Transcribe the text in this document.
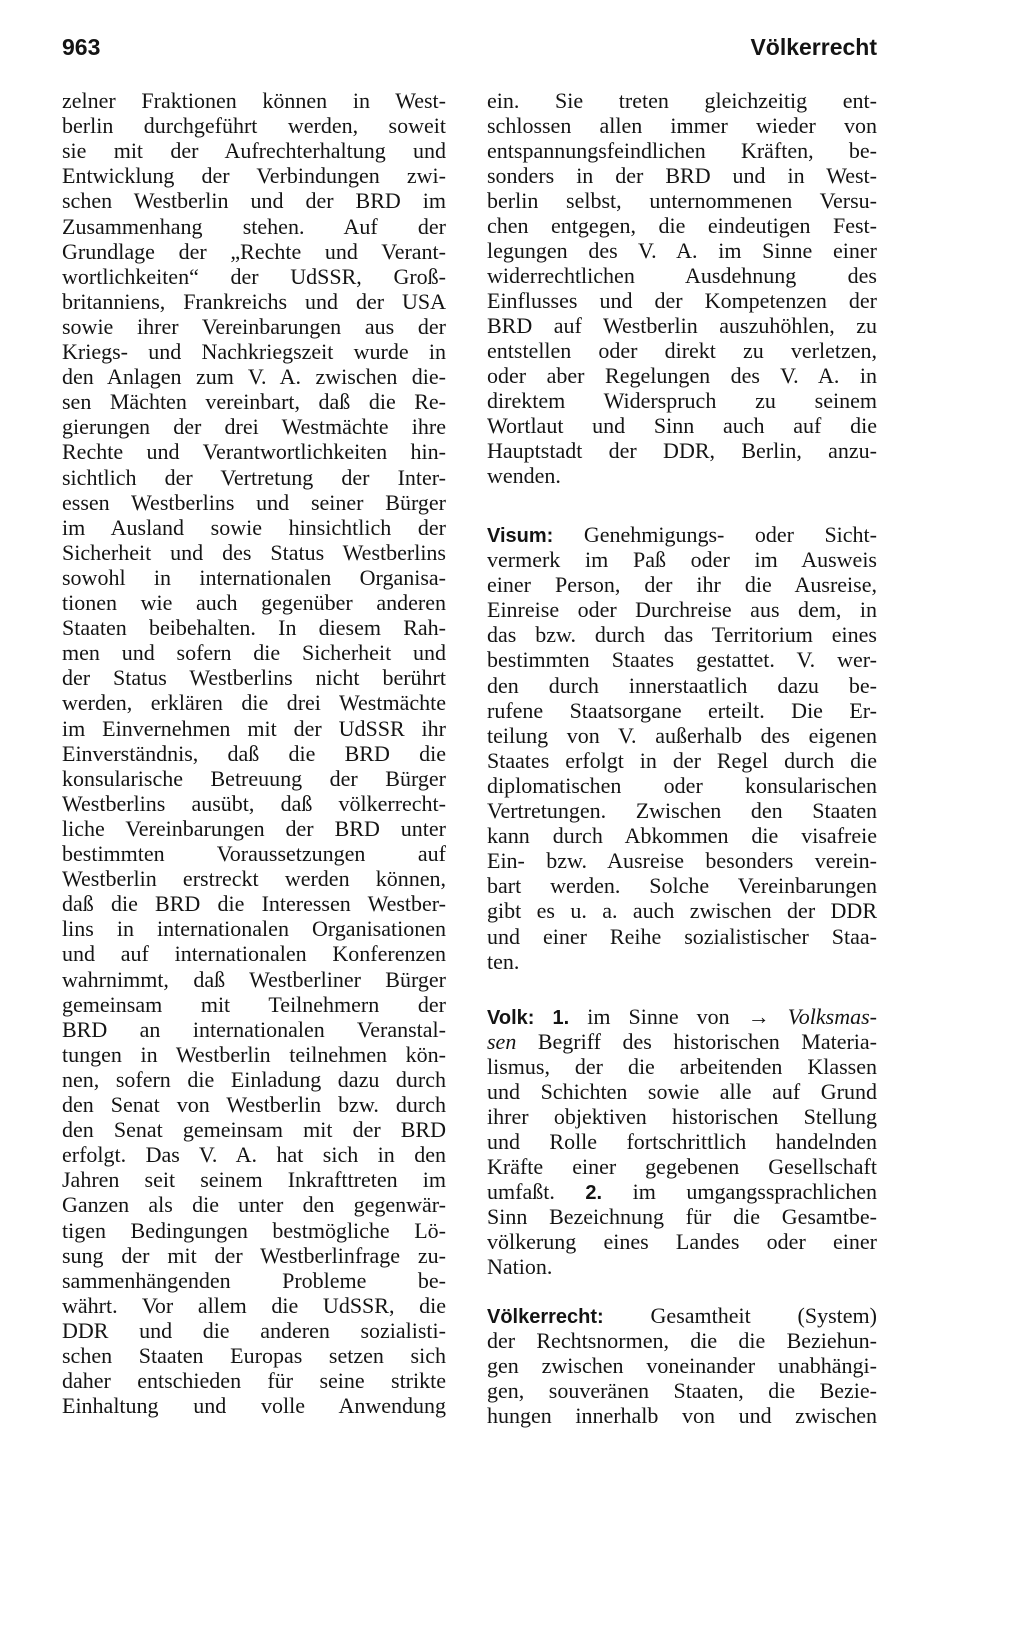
963	Völkerrecht
zelner Fraktionen können in West-
berlin durchgeführt werden, soweit
sie mit der Aufrechterhaltung und
Entwicklung der Verbindungen zwi-
schen Westberlin und der BRD im
Zusammenhang stehen. Auf der
Grundlage der „Rechte und Verant-
wortlichkeiten“ der UdSSR, Groß-
britanniens, Frankreichs und der USA
sowie ihrer Vereinbarungen aus der
Kriegs- und Nachkriegszeit wurde in
den Anlagen zum V. A. zwischen die-
sen Mächten vereinbart, daß die Re-
gierungen der drei Westmächte ihre
Rechte und Verantwortlichkeiten hin-
sichtlich der Vertretung der Inter-
essen Westberlins und seiner Bürger
im Ausland sowie hinsichtlich der
Sicherheit und des Status Westberlins
sowohl in internationalen Organisa-
tionen wie auch gegenüber anderen
Staaten beibehalten. In diesem Rah-
men und sofern die Sicherheit und
der Status Westberlins nicht berührt
werden, erklären die drei Westmächte
im Einvernehmen mit der UdSSR ihr
Einverständnis, daß die BRD die
konsularische Betreuung der Bürger
Westberlins ausübt, daß völkerrecht-
liche Vereinbarungen der BRD unter
bestimmten Voraussetzungen auf
Westberlin erstreckt werden können,
daß die BRD die Interessen Westber-
lins in internationalen Organisationen
und auf internationalen Konferenzen
wahrnimmt, daß Westberliner Bürger
gemeinsam mit Teilnehmern der
BRD an internationalen Veranstal-
tungen in Westberlin teilnehmen kön-
nen, sofern die Einladung dazu durch
den Senat von Westberlin bzw. durch
den Senat gemeinsam mit der BRD
erfolgt. Das V. A. hat sich in den
Jahren seit seinem Inkrafttreten im
Ganzen als die unter den gegenwär-
tigen Bedingungen bestmögliche Lö-
sung der mit der Westberlinfrage zu-
sammenhängenden Probleme be-
währt. Vor allem die UdSSR, die
DDR und die anderen sozialisti-
schen Staaten Europas setzen sich
daher entschieden für seine strikte
Einhaltung und volle Anwendung
ein. Sie treten gleichzeitig ent-
schlossen allen immer wieder von
entspannungsfeindlichen Kräften, be-
sonders in der BRD und in West-
berlin selbst, unternommenen Versu-
chen entgegen, die eindeutigen Fest-
legungen des V. A. im Sinne einer
widerrechtlichen Ausdehnung des
Einflusses und der Kompetenzen der
BRD auf Westberlin auszuhöhlen, zu
entstellen oder direkt zu verletzen,
oder aber Regelungen des V. A. in
direktem Widerspruch zu seinem
Wortlaut und Sinn auch auf die
Hauptstadt der DDR, Berlin, anzu-
wenden.
Visum: Genehmigungs- oder Sicht-
vermerk im Paß oder im Ausweis
einer Person, der ihr die Ausreise,
Einreise oder Durchreise aus dem, in
das bzw. durch das Territorium eines
bestimmten Staates gestattet. V. wer-
den durch innerstaatlich dazu be-
rufene Staatsorgane erteilt. Die Er-
teilung von V. außerhalb des eigenen
Staates erfolgt in der Regel durch die
diplomatischen oder konsularischen
Vertretungen. Zwischen den Staaten
kann durch Abkommen die visafreie
Ein- bzw. Ausreise besonders verein-
bart werden. Solche Vereinbarungen
gibt es u. a. auch zwischen der DDR
und einer Reihe sozialistischer Staa-
ten.
Volk: 1. im Sinne von → Volksmas-
sen Begriff des historischen Materia-
lismus, der die arbeitenden Klassen
und Schichten sowie alle auf Grund
ihrer objektiven historischen Stellung
und Rolle fortschrittlich handelnden
Kräfte einer gegebenen Gesellschaft
umfaßt. 2. im umgangssprachlichen
Sinn Bezeichnung für die Gesamtbe-
völkerung eines Landes oder einer
Nation.
Völkerrecht: Gesamtheit (System)
der Rechtsnormen, die die Beziehun-
gen zwischen voneinander unabhängi-
gen, souveränen Staaten, die Bezie-
hungen innerhalb von und zwischen
